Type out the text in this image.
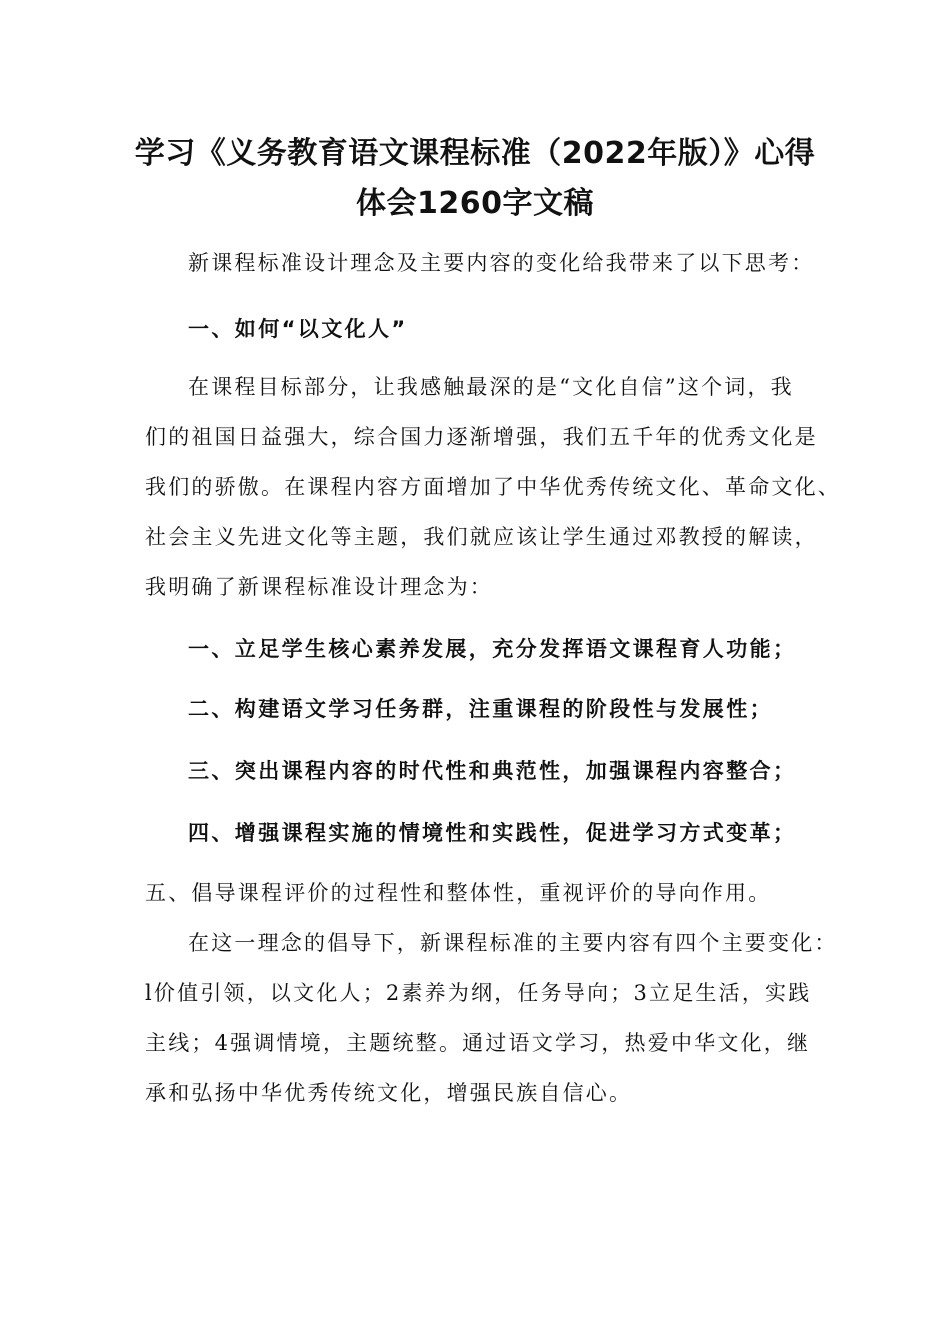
学习《义务教育语文课程标准（2022年版）》心得
体会1260字文稿
新课程标准设计理念及主要内容的变化给我带来了以下思考：
一、如何“以文化人”
在课程目标部分，让我感触最深的是“文化自信”这个词，我
们的祖国日益强大，综合国力逐渐增强，我们五千年的优秀文化是
我们的骄傲。在课程内容方面增加了中华优秀传统文化、革命文化、
社会主义先进文化等主题，我们就应该让学生通过邓教授的解读，
我明确了新课程标准设计理念为：
一、立足学生核心素养发展，充分发挥语文课程育人功能；
二、构建语文学习任务群，注重课程的阶段性与发展性；
三、突出课程内容的时代性和典范性，加强课程内容整合；
四、增强课程实施的情境性和实践性，促进学习方式变革；
五、倡导课程评价的过程性和整体性，重视评价的导向作用。
在这一理念的倡导下，新课程标准的主要内容有四个主要变化：
l价值引领，以文化人；2素养为纲，任务导向；3立足生活，实践
主线；4强调情境，主题统整。通过语文学习，热爱中华文化，继
承和弘扬中华优秀传统文化，增强民族自信心。
